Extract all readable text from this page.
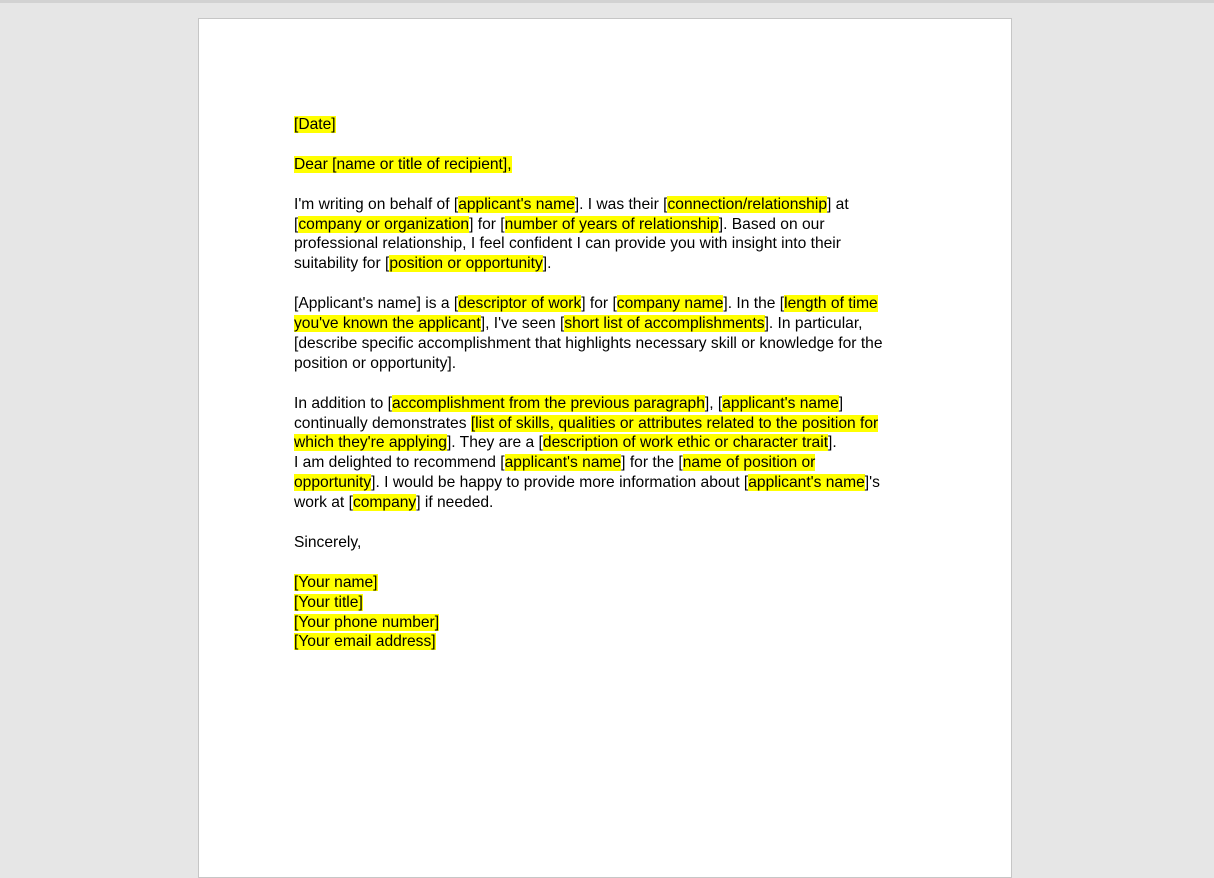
[Date]

Dear [name or title of recipient],

I'm writing on behalf of [applicant's name]. I was their [connection/relationship] at [company or organization] for [number of years of relationship]. Based on our professional relationship, I feel confident I can provide you with insight into their suitability for [position or opportunity].

[Applicant's name] is a [descriptor of work] for [company name]. In the [length of time you've known the applicant], I've seen [short list of accomplishments]. In particular, [describe specific accomplishment that highlights necessary skill or knowledge for the position or opportunity].

In addition to [accomplishment from the previous paragraph], [applicant's name] continually demonstrates [list of skills, qualities or attributes related to the position for which they're applying]. They are a [description of work ethic or character trait].

I am delighted to recommend [applicant's name] for the [name of position or opportunity]. I would be happy to provide more information about [applicant's name]'s work at [company] if needed.

Sincerely,

[Your name]
[Your title]
[Your phone number]
[Your email address]
